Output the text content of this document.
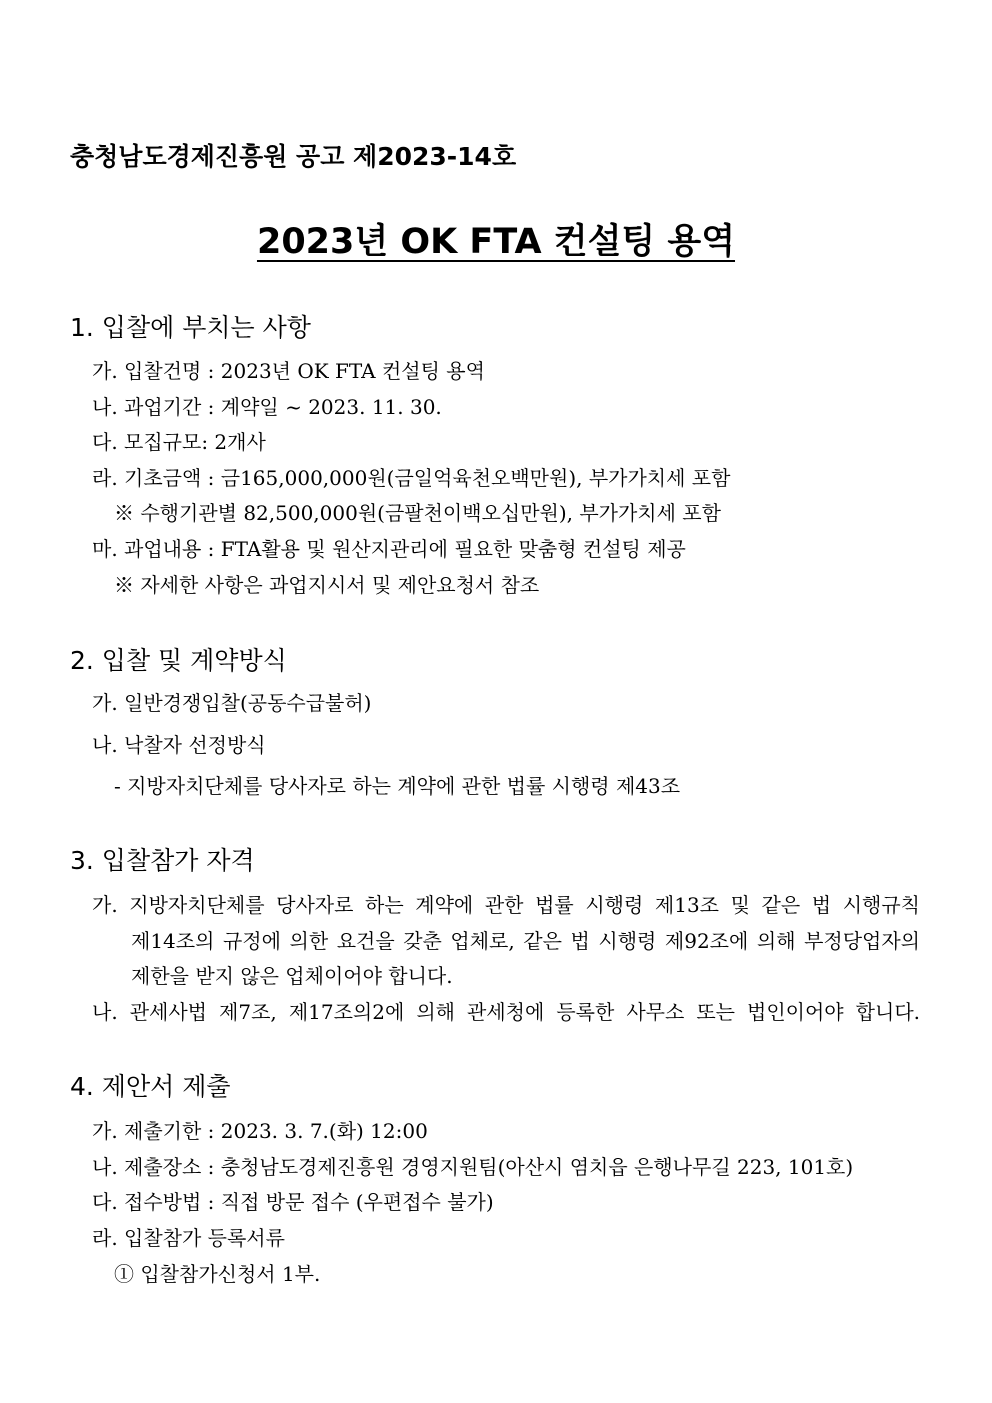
충청남도경제진흥원 공고 제2023-14호
2023년 OK FTA 컨설팅 용역
1. 입찰에 부치는 사항
가. 입찰건명 : 2023년 OK FTA 컨설팅 용역
나. 과업기간 : 계약일 ~ 2023. 11. 30.
다. 모집규모: 2개사
라. 기초금액 : 금165,000,000원(금일억육천오백만원), 부가가치세 포함
※ 수행기관별 82,500,000원(금팔천이백오십만원), 부가가치세 포함
마. 과업내용 : FTA활용 및 원산지관리에 필요한 맞춤형 컨설팅 제공
※ 자세한 사항은 과업지시서 및 제안요청서 참조
2. 입찰 및 계약방식
가. 일반경쟁입찰(공동수급불허)
나. 낙찰자 선정방식
- 지방자치단체를 당사자로 하는 계약에 관한 법률 시행령 제43조
3. 입찰참가 자격
가. 지방자치단체를 당사자로 하는 계약에 관한 법률 시행령 제13조 및 같은 법 시행규칙
제14조의 규정에 의한 요건을 갖춘 업체로, 같은 법 시행령 제92조에 의해 부정당업자의
제한을 받지 않은 업체이어야 합니다.
나. 관세사법 제7조, 제17조의2에 의해 관세청에 등록한 사무소 또는 법인이어야 합니다.
4. 제안서 제출
가. 제출기한 : 2023. 3. 7.(화) 12:00
나. 제출장소 : 충청남도경제진흥원 경영지원팀(아산시 염치읍 은행나무길 223, 101호)
다. 접수방법 : 직접 방문 접수 (우편접수 불가)
라. 입찰참가 등록서류
① 입찰참가신청서 1부.
